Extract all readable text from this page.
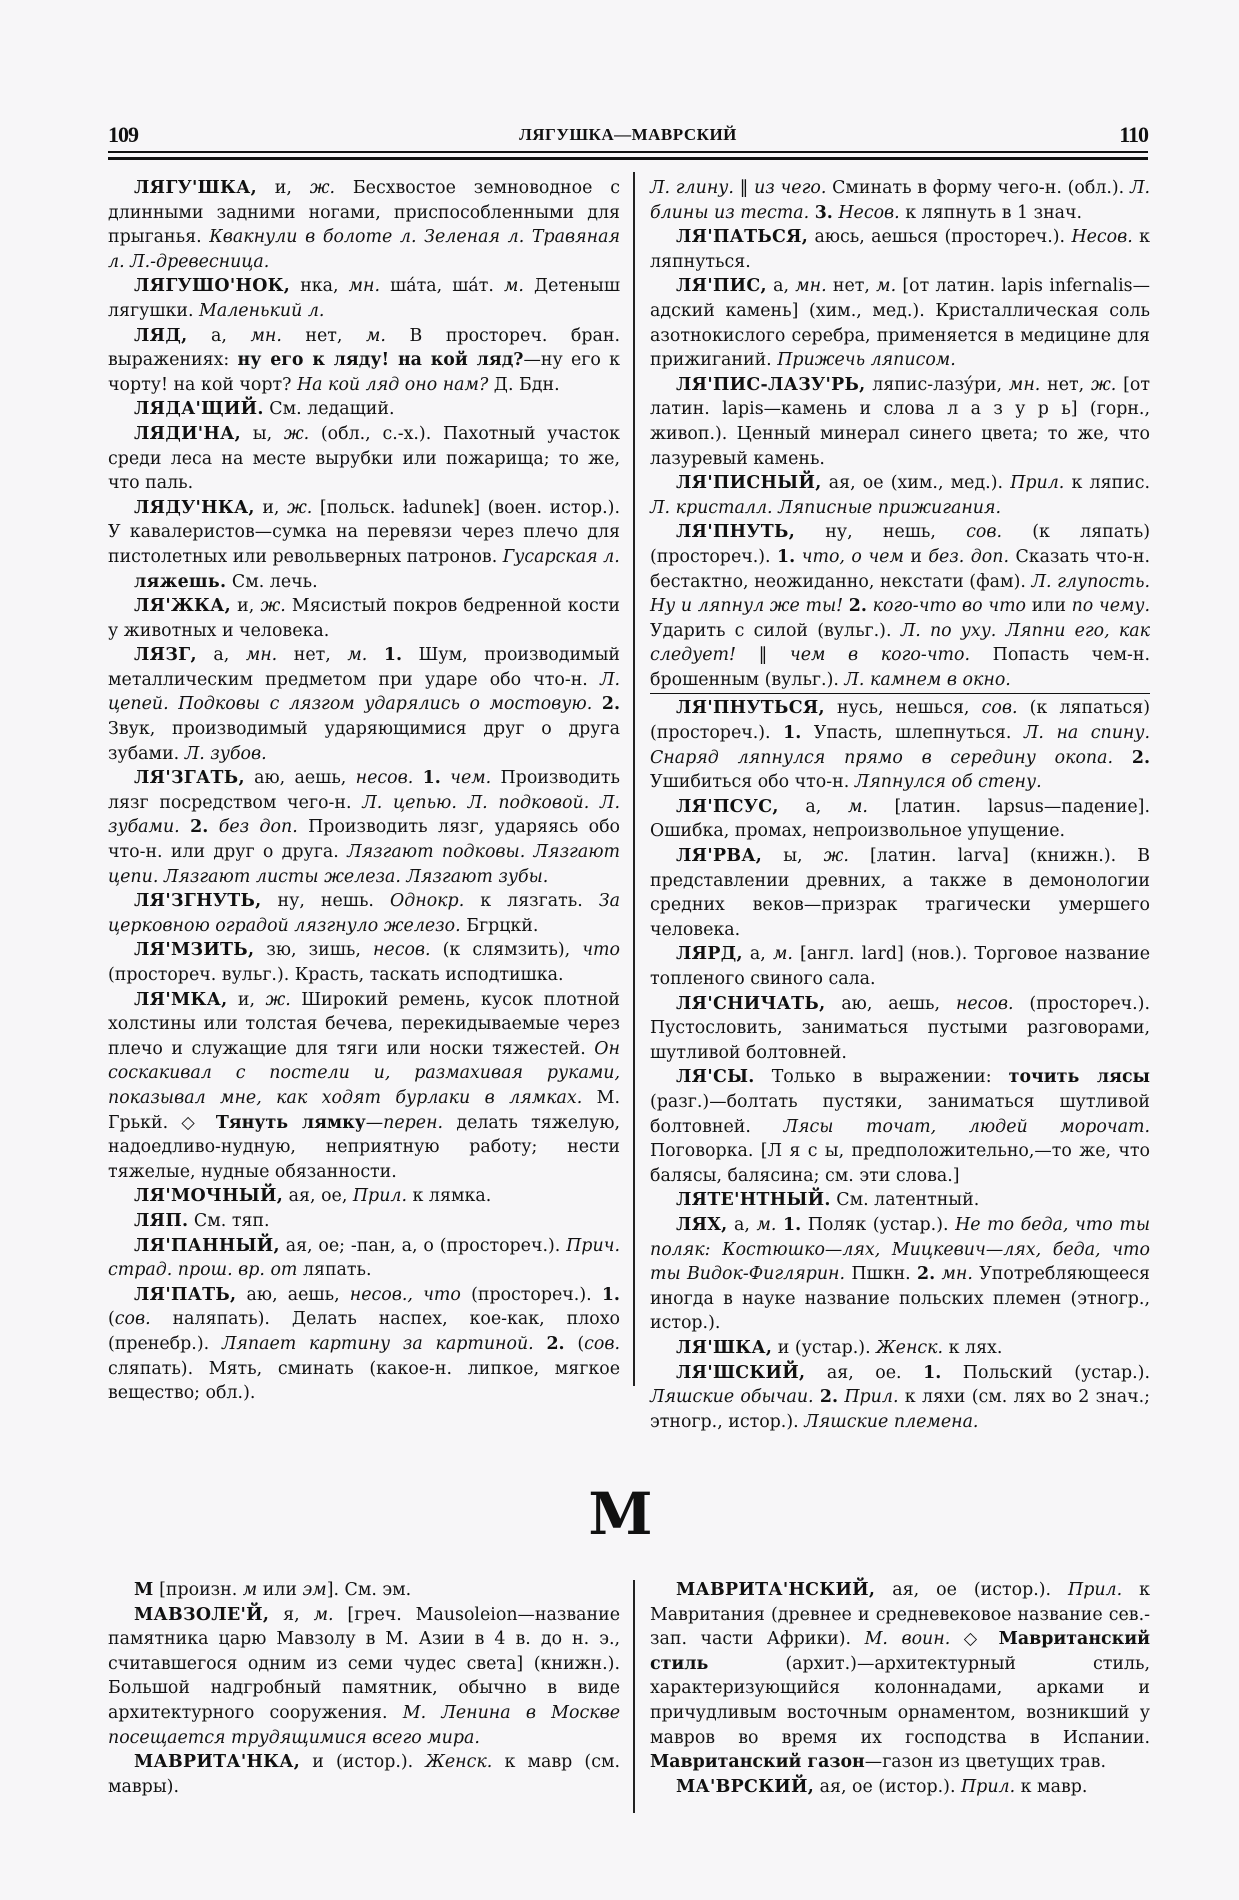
109	ЛЯГУШКА—МАВРСКИЙ	110

ЛЯГУ'ШКА, и, ж. Бесхвостое земноводное с длинными задними ногами, приспособленными для прыганья. Квакнули в болоте л. Зеленая л. Травяная л. Л.-древесница.

ЛЯГУШО'НОК, нка, мн. шáта, шáт. м. Детеныш лягушки. Маленький л.

ЛЯД, а, мн. нет, м. В простореч. бран. выражениях: ну его к ляду! на кой ляд?—ну его к чорту! на кой чорт? На кой ляд оно нам? Д. Бдн.

ЛЯДА'ЩИЙ. См. ледащий.

ЛЯДИ'НА, ы, ж. (обл., с.-х.). Пахотный участок среди леса на месте вырубки или пожарища; то же, что паль.

ЛЯДУ'НКА, и, ж. [польск. ładunek] (воен. истор.). У кавалеристов—сумка на перевязи через плечо для пистолетных или револьверных патронов. Гусарская л.

ляжешь. См. лечь.

ЛЯ'ЖКА, и, ж. Мясистый покров бедренной кости у животных и человека.

ЛЯЗГ, а, мн. нет, м. 1. Шум, производимый металлическим предметом при ударе обо что-н. Л. цепей. Подковы с лязгом ударялись о мостовую. 2. Звук, производимый ударяющимися друг о друга зубами. Л. зубов.

ЛЯ'ЗГАТЬ, аю, аешь, несов. 1. чем. Производить лязг посредством чего-н. Л. цепью. Л. подковой. Л. зубами. 2. без доп. Производить лязг, ударяясь обо что-н. или друг о друга. Лязгают подковы. Лязгают цепи. Лязгают листы железа. Лязгают зубы.

ЛЯ'ЗГНУТЬ, ну, нешь. Однокр. к лязгать. За церковною оградой лязгнуло железо. Бгрцкй.

ЛЯ'МЗИТЬ, зю, зишь, несов. (к слямзить), что (простореч. вульг.). Красть, таскать исподтишка.

ЛЯ'МКА, и, ж. Широкий ремень, кусок плотной холстины или толстая бечева, перекидываемые через плечо и служащие для тяги или носки тяжестей. Он соскакивал с постели и, размахивая руками, показывал мне, как ходят бурлаки в лямках. М. Грькй. ◇ Тянуть лямку—перен. делать тяжелую, надоедливо-нудную, неприятную работу; нести тяжелые, нудные обязанности.

ЛЯ'МОЧНЫЙ, ая, ое, Прил. к лямка.

ЛЯП. См. тяп.

ЛЯ'ПАННЫЙ, ая, ое; -пан, а, о (простореч.). Прич. страд. прош. вр. от ляпать.

ЛЯ'ПАТЬ, аю, аешь, несов., что (простореч.). 1. (сов. наляпать). Делать наспех, кое-как, плохо (пренебр.). Ляпает картину за картиной. 2. (сов. сляпать). Мять, сминать (какое-н. липкое, мягкое вещество; обл.).

Л. глину. ‖ из чего. Сминать в форму чего-н. (обл.). Л. блины из теста. 3. Несов. к ляпнуть в 1 знач.

ЛЯ'ПАТЬСЯ, аюсь, аешься (простореч.). Несов. к ляпнуться.

ЛЯ'ПИС, а, мн. нет, м. [от латин. lapis infernalis—адский камень] (хим., мед.). Кристаллическая соль азотнокислого серебра, применяется в медицине для прижиганий. Прижечь ляписом.

ЛЯ'ПИС-ЛАЗУ'РЬ, ляпис-лазýри, мн. нет, ж. [от латин. lapis—камень и слова л а з у р ь] (горн., живоп.). Ценный минерал синего цвета; то же, что лазуревый камень.

ЛЯ'ПИСНЫЙ, ая, ое (хим., мед.). Прил. к ляпис. Л. кристалл. Ляписные прижигания.

ЛЯ'ПНУТЬ, ну, нешь, сов. (к ляпать) (простореч.). 1. что, о чем и без. доп. Сказать что-н. бестактно, неожиданно, некстати (фам). Л. глупость. Ну и ляпнул же ты! 2. кого-что во что или по чему. Ударить с силой (вульг.). Л. по уху. Ляпни его, как следует! ‖ чем в кого-что. Попасть чем-н. брошенным (вульг.). Л. камнем в окно.

ЛЯ'ПНУТЬСЯ, нусь, нешься, сов. (к ляпаться) (простореч.). 1. Упасть, шлепнуться. Л. на спину. Снаряд ляпнулся прямо в середину окопа. 2. Ушибиться обо что-н. Ляпнулся об стену.

ЛЯ'ПСУС, а, м. [латин. lapsus—падение]. Ошибка, промах, непроизвольное упущение.

ЛЯ'РВА, ы, ж. [латин. larva] (книжн.). В представлении древних, а также в демонологии средних веков—призрак трагически умершего человека.

ЛЯРД, а, м. [англ. lard] (нов.). Торговое название топленого свиного сала.

ЛЯ'СНИЧАТЬ, аю, аешь, несов. (простореч.). Пустословить, заниматься пустыми разговорами, шутливой болтовней.

ЛЯ'СЫ. Только в выражении: точить лясы (разг.)—болтать пустяки, заниматься шутливой болтовней. Лясы точат, людей морочат. Поговорка. [Л я с ы, предположительно,—то же, что балясы, балясина; см. эти слова.]

ЛЯТЕ'НТНЫЙ. См. латентный.

ЛЯХ, а, м. 1. Поляк (устар.). Не то беда, что ты поляк: Костюшко—лях, Мицкевич—лях, беда, что ты Видок-Фиглярин. Пшкн. 2. мн. Употребляющееся иногда в науке название польских племен (этногр., истор.).

ЛЯ'ШКА, и (устар.). Женск. к лях.

ЛЯ'ШСКИЙ, ая, ое. 1. Польский (устар.). Ляшские обычаи. 2. Прил. к ляхи (см. лях во 2 знач.; этногр., истор.). Ляшские племена.

М

М [произн. м или эм]. См. эм.

МАВЗОЛЕ'Й, я, м. [греч. Mausoleion—название памятника царю Мавзолу в М. Азии в 4 в. до н. э., считавшегося одним из семи чудес света] (книжн.). Большой надгробный памятник, обычно в виде архитектурного сооружения. М. Ленина в Москве посещается трудящимися всего мира.

МАВРИТА'НКА, и (истор.). Женск. к мавр (см. мавры).

МАВРИТА'НСКИЙ, ая, ое (истор.). Прил. к Мавритания (древнее и средневековое название сев.-зап. части Африки). М. воин. ◇ Мавританский стиль (архит.)—архитектурный стиль, характеризующийся колоннадами, арками и причудливым восточным орнаментом, возникший у мавров во время их господства в Испании. Мавританский газон—газон из цветущих трав.

МА'ВРСКИЙ, ая, ое (истор.). Прил. к мавр.
